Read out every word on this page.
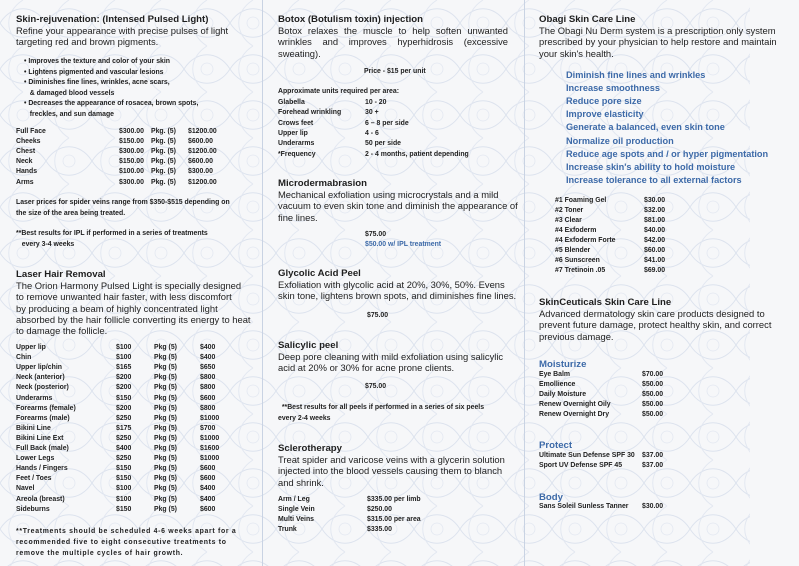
Skin-rejuvenation: (Intensed Pulsed Light)
Refine your appearance with precise pulses of light
targeting red and brown pigments.
• Improves the texture and color of your skin
• Lightens pigmented and vascular lesions
• Diminishes fine lines, wrinkles, acne scars,
& damaged blood vessels
• Decreases the appearance of rosacea, brown spots,
freckles, and sun damage
Full Face	$300.00 Pkg. (5) $1200.00
Cheeks	$150.00 Pkg. (5) $600.00
Chest	$300.00 Pkg. (5) $1200.00
Neck	$150.00 Pkg. (5) $600.00
Hands	$100.00 Pkg. (5) $300.00
Arms	$300.00 Pkg. (5) $1200.00
Laser prices for spider veins range from $350-$515 depending on
the size of the area being treated.
**Best results for IPL if performed in a series of treatments
every 3-4 weeks
Laser Hair Removal
The Orion Harmony Pulsed Light is specially designed
to remove unwanted hair faster, with less discomfort
by producing a beam of highly concentrated light
absorbed by the hair follicle converting its energy to heat
to damage the follicle.
Upper lip	$100	Pkg (5)	$400
Chin	$100	Pkg (5)	$400
Upper lip/chin	$165	Pkg (5)	$650
Neck (anterior)	$200	Pkg (5)	$800
Neck (posterior)	$200	Pkg (5)	$800
Underarms	$150	Pkg (5)	$600
Forearms (female)	$200	Pkg (5)	$800
Forearms (male)	$250	Pkg (5)	$1000
Bikini Line	$175	Pkg (5)	$700
Bikini Line Ext	$250	Pkg (5)	$1000
Full Back (male)	$400	Pkg (5)	$1600
Lower Legs	$250	Pkg (5)	$1000
Hands / Fingers	$150	Pkg (5)	$600
Feet / Toes	$150	Pkg (5)	$600
Navel	$100	Pkg (5)	$400
Areola (breast)	$100	Pkg (5)	$400
Sideburns	$150	Pkg (5)	$600
**Treatments should be scheduled 4-6 weeks apart for a
recommended five to eight consecutive treatments to
remove the multiple cycles of hair growth.
Botox (Botulism toxin) injection
Botox relaxes the muscle to help soften unwanted
wrinkles and improves hyperhidrosis (excessive
sweating).
Price - $15 per unit
Approximate units required per area:
Glabella	10 - 20
Forehead wrinkling	30 +
Crows feet	6 – 8 per side
Upper lip	4 - 6
Underarms	50 per side
*Frequency	2 - 4 months, patient depending
Microdermabrasion
Mechanical exfoliation using microcrystals and a mild
vacuum to even skin tone and diminish the appearance of
fine lines.
$75.00
$50.00 w/ IPL treatment
Glycolic Acid Peel
Exfoliation with glycolic acid at 20%, 30%, 50%. Evens
skin tone, lightens brown spots, and diminishes fine lines.
$75.00
Salicylic peel
Deep pore cleaning with mild exfoliation using salicylic
acid at 20% or 30% for acne prone clients.
$75.00
**Best results for all peels if performed in a series of six peels
every 2-4 weeks
Sclerotherapy
Treat spider and varicose veins with a glycerin solution
injected into the blood vessels causing them to blanch
and shrink.
Arm / Leg	$335.00 per limb
Single Vein	$250.00
Multi Veins	$315.00 per area
Trunk	$335.00
Obagi Skin Care Line
The Obagi Nu Derm system is a prescription only system
prescribed by your physician to help restore and maintain
your skin's health.
Diminish fine lines and wrinkles
Increase smoothness
Reduce pore size
Improve elasticity
Generate a balanced, even skin tone
Normalize oil production
Reduce age spots and / or hyper pigmentation
Increase skin's ability to hold moisture
Increase tolerance to all external factors
#1 Foaming Gel	$30.00
#2 Toner	$32.00
#3 Clear	$81.00
#4 Exfoderm	$40.00
#4 Exfoderm Forte	$42.00
#5 Blender	$60.00
#6 Sunscreen	$41.00
#7 Tretinoin .05	$69.00
SkinCeuticals Skin Care Line
Advanced dermatology skin care products designed to
prevent future damage, protect healthy skin, and correct
previous damage.
Moisturize
Eye Balm	$70.00
Emollience	$50.00
Daily Moisture	$50.00
Renew Overnight Oily	$50.00
Renew Overnight Dry	$50.00
Protect
Ultimate Sun Defense SPF 30 $37.00
Sport UV Defense SPF 45	$37.00
Body
Sans Soleil Sunless Tanner $30.00
